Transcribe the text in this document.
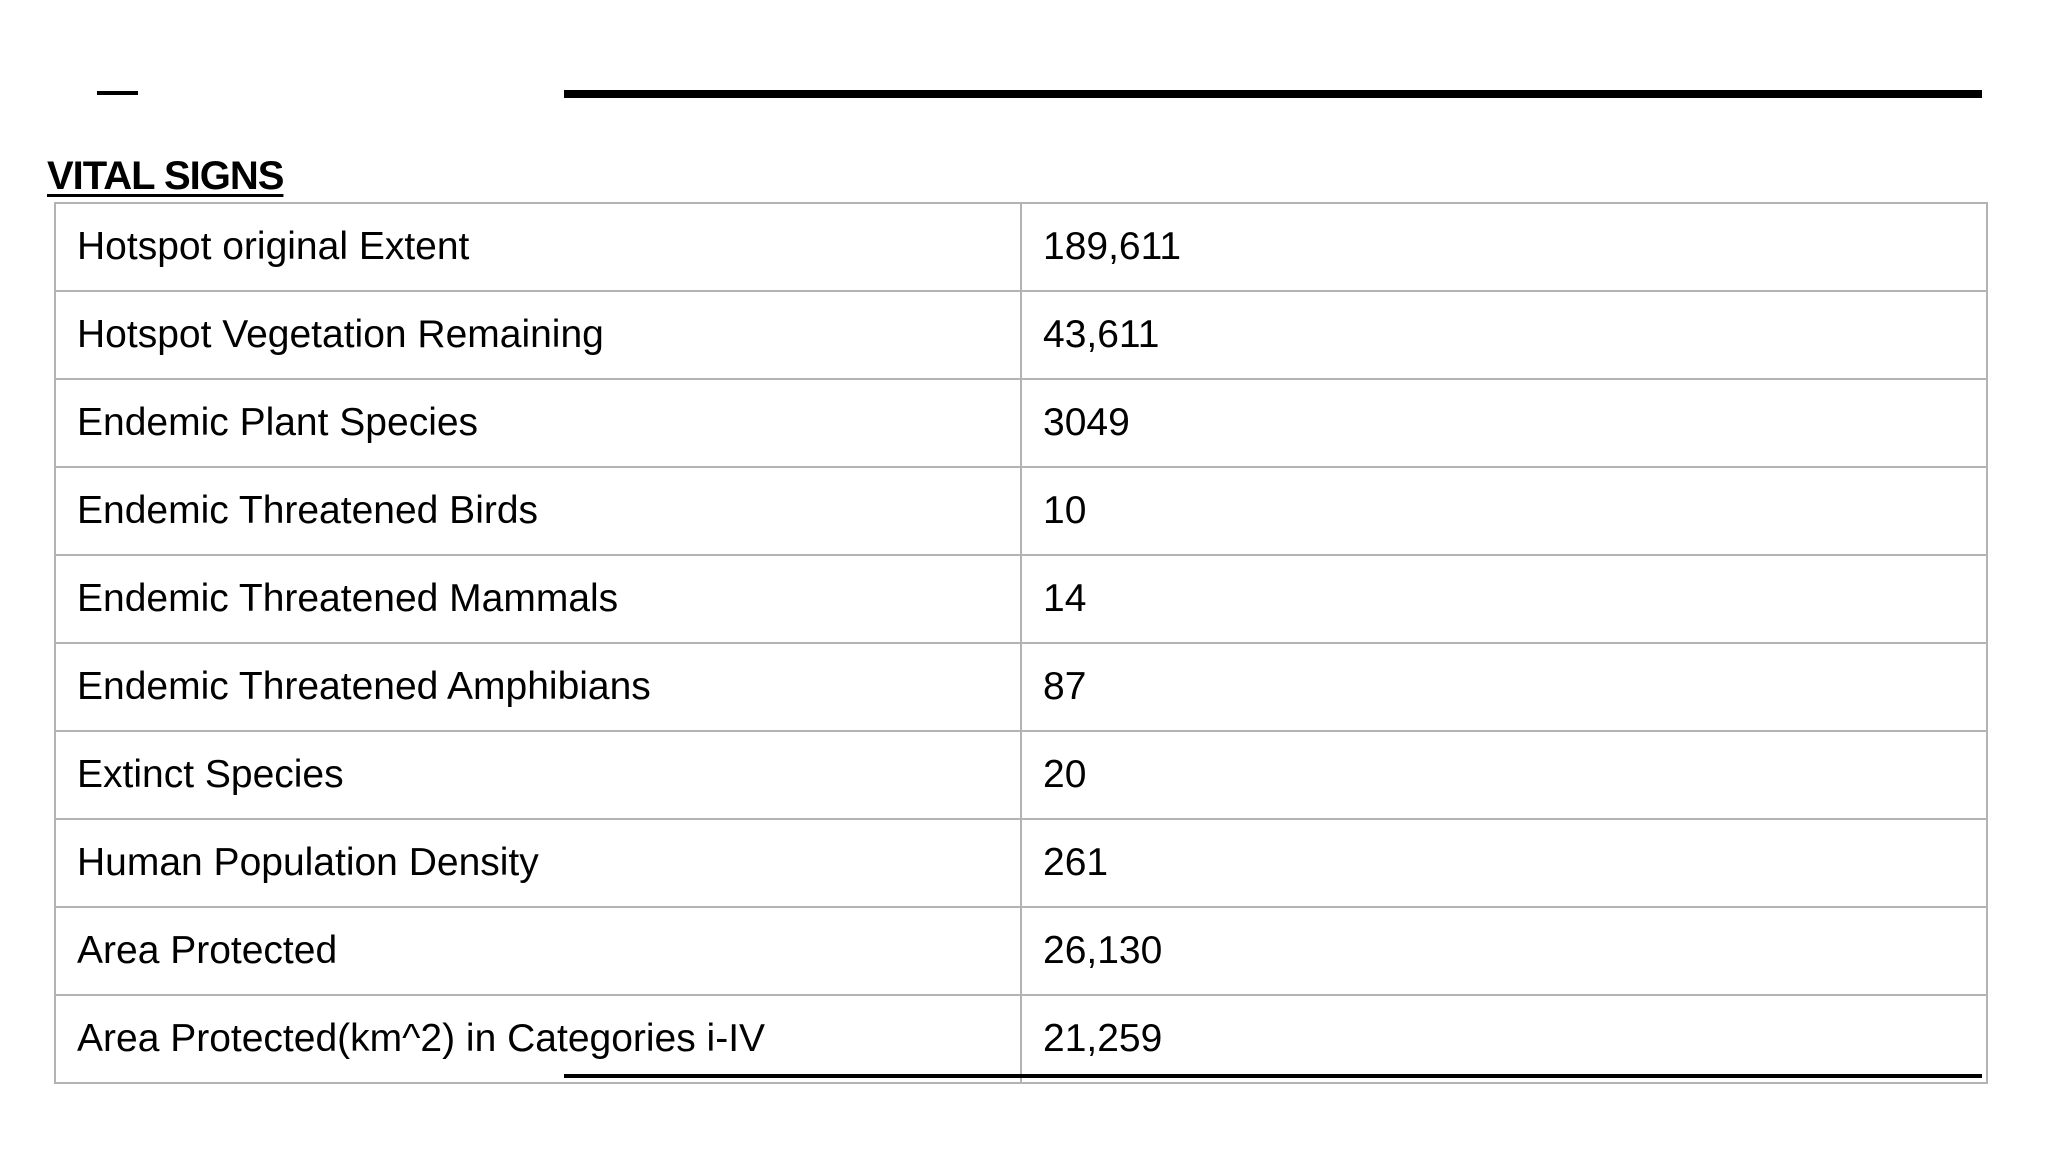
VITAL SIGNS
Hotspot original Extent	189,611
Hotspot Vegetation Remaining	43,611
Endemic Plant Species	3049
Endemic Threatened Birds	10
Endemic Threatened Mammals	14
Endemic Threatened Amphibians	87
Extinct Species	20
Human Population Density	261
Area Protected	26,130
Area Protected(km^2) in Categories i-IV	21,259
